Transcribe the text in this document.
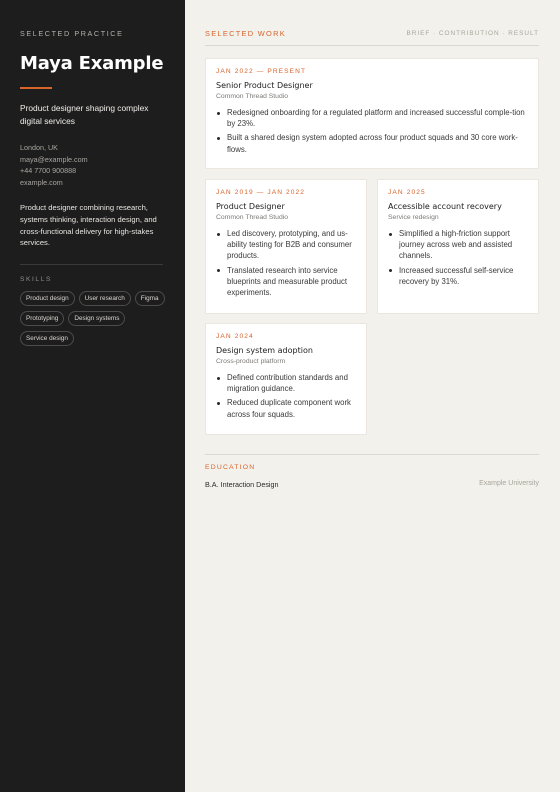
SELECTED PRACTICE
Maya Example

Product designer shaping complex digital services

London, UK
maya@example.com
+44 7700 900888
example.com

Product designer combining research, systems thinking, interaction design, and cross-functional delivery for high-stakes services.

SKILLS
Product design	User research	Figma
Prototyping	Design systems
Service design
SELECTED WORK	BRIEF · CONTRIBUTION · RESULT
JAN 2022 — PRESENT
Senior Product Designer
Common Thread Studio
Redesigned onboarding for a regulated platform and increased successful comple-tion by 23%.
Built a shared design system adopted across four product squads and 30 core work-flows.
JAN 2019 — JAN 2022
Product Designer
Common Thread Studio
Led discovery, prototyping, and us-ability testing for B2B and consumer products.
Translated research into service blueprints and measurable product experiments.
JAN 2025
Accessible account recovery
Service redesign
Simplified a high-friction support journey across web and assisted channels.
Increased successful self-service recovery by 31%.
JAN 2024
Design system adoption
Cross-product platform
Defined contribution standards and migration guidance.
Reduced duplicate component work across four squads.
EDUCATION
B.A. Interaction Design	Example University
